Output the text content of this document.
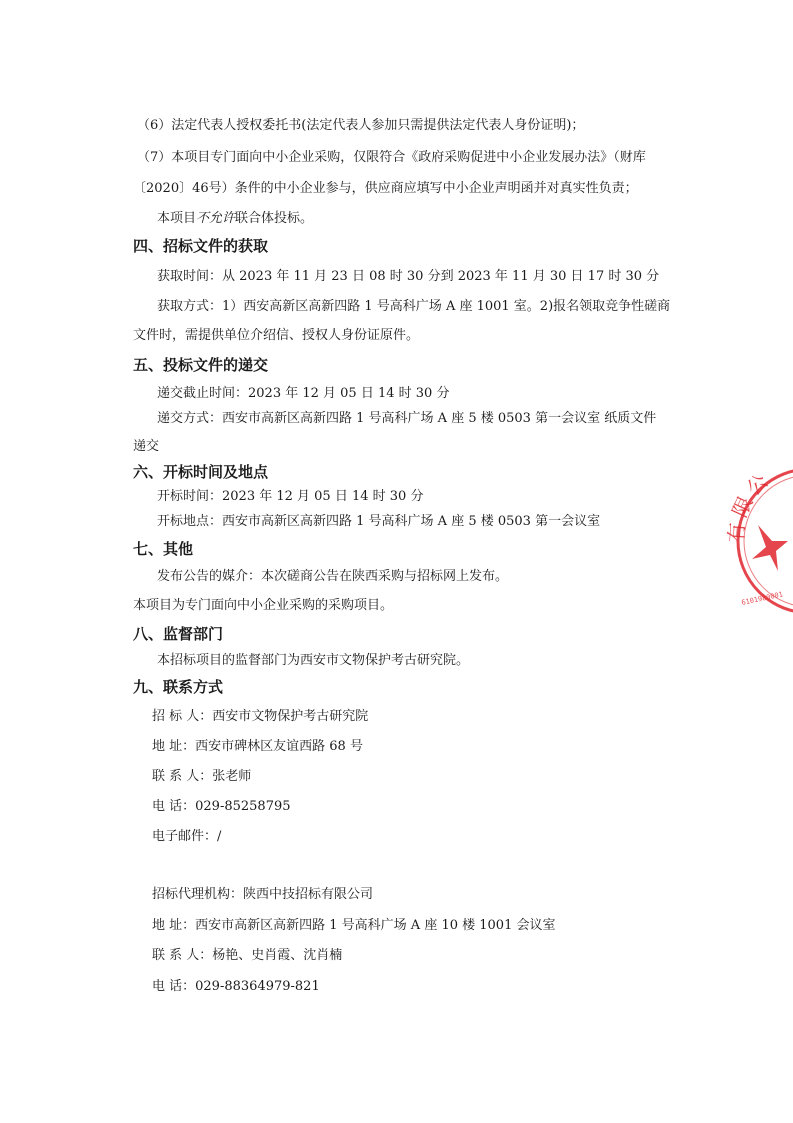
（6）法定代表人授权委托书(法定代表人参加只需提供法定代表人身份证明)；
（7）本项目专门面向中小企业采购，仅限符合《政府采购促进中小企业发展办法》（财库
〔2020〕46号）条件的中小企业参与，供应商应填写中小企业声明函并对真实性负责；
本项目不允许联合体投标。
四、招标文件的获取
获取时间：从 2023 年 11 月 23 日 08 时 30 分到 2023 年 11 月 30 日 17 时 30 分
获取方式：1）西安高新区高新四路 1 号高科广场 A 座 1001 室。2)报名领取竞争性磋商
文件时，需提供单位介绍信、授权人身份证原件。
五、投标文件的递交
递交截止时间：2023 年 12 月 05 日 14 时 30 分
递交方式：西安市高新区高新四路 1 号高科广场 A 座 5 楼 0503 第一会议室 纸质文件
递交
六、开标时间及地点
开标时间：2023 年 12 月 05 日 14 时 30 分
开标地点：西安市高新区高新四路 1 号高科广场 A 座 5 楼 0503 第一会议室
七、其他
发布公告的媒介：本次磋商公告在陕西采购与招标网上发布。
本项目为专门面向中小企业采购的采购项目。
八、监督部门
本招标项目的监督部门为西安市文物保护考古研究院。
九、联系方式
招 标 人：西安市文物保护考古研究院
地 址：西安市碑林区友谊西路 68 号
联 系 人：张老师
电 话：029-85258795
电子邮件：/
招标代理机构：陕西中技招标有限公司
地 址：西安市高新区高新四路 1 号高科广场 A 座 10 楼 1001 会议室
联 系 人：杨艳、史肖霞、沈肖楠
电 话：029-88364979-821
有限公
6101980001
